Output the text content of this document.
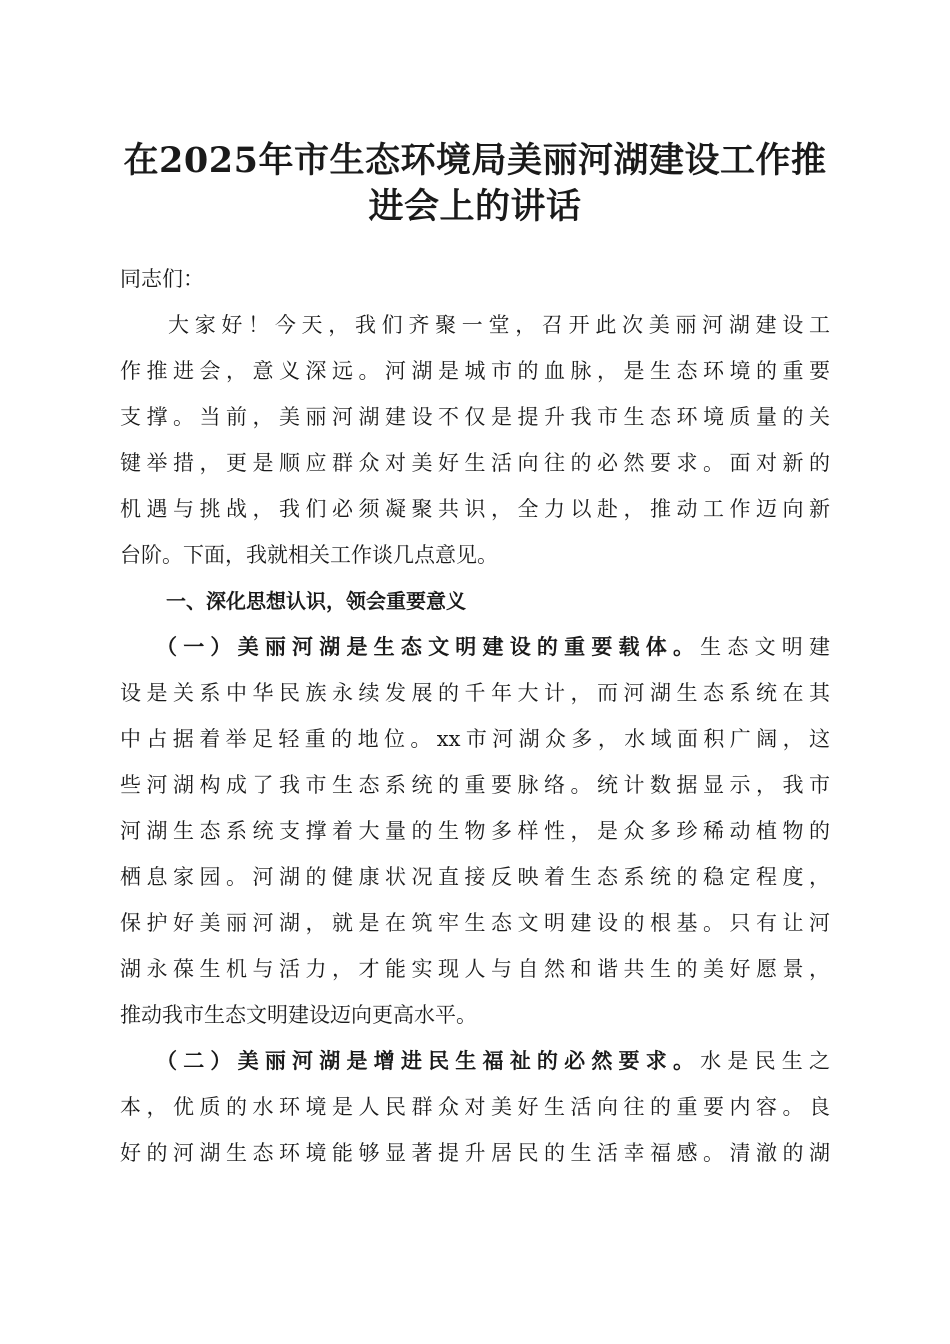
在2025年市生态环境局美丽河湖建设工作推
进会上的讲话
同志们：
大家好！今天，我们齐聚一堂，召开此次美丽河湖建设工
作推进会，意义深远。河湖是城市的血脉，是生态环境的重要
支撑。当前，美丽河湖建设不仅是提升我市生态环境质量的关
键举措，更是顺应群众对美好生活向往的必然要求。面对新的
机遇与挑战，我们必须凝聚共识，全力以赴，推动工作迈向新
台阶。下面，我就相关工作谈几点意见。
一、深化思想认识，领会重要意义
（一）美丽河湖是生态文明建设的重要载体。生态文明建
设是关系中华民族永续发展的千年大计，而河湖生态系统在其
中占据着举足轻重的地位。xx市河湖众多，水域面积广阔，这
些河湖构成了我市生态系统的重要脉络。统计数据显示，我市
河湖生态系统支撑着大量的生物多样性，是众多珍稀动植物的
栖息家园。河湖的健康状况直接反映着生态系统的稳定程度，
保护好美丽河湖，就是在筑牢生态文明建设的根基。只有让河
湖永葆生机与活力，才能实现人与自然和谐共生的美好愿景，
推动我市生态文明建设迈向更高水平。
（二）美丽河湖是增进民生福祉的必然要求。水是民生之
本，优质的水环境是人民群众对美好生活向往的重要内容。良
好的河湖生态环境能够显著提升居民的生活幸福感。清澈的湖
